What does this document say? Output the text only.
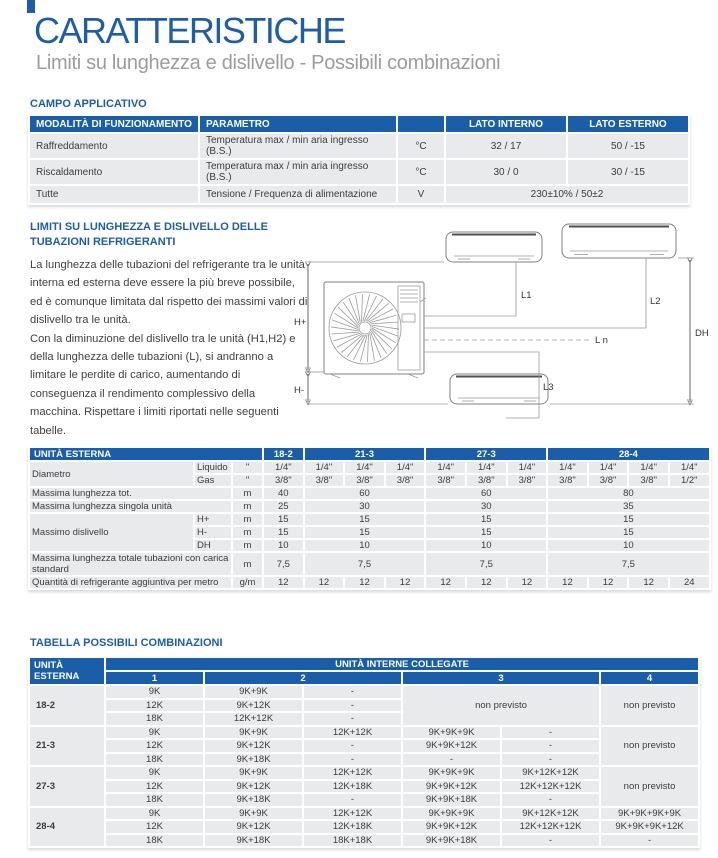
CARATTERISTICHE
Limiti su lunghezza e dislivello - Possibili combinazioni
CAMPO APPLICATIVO
MODALITÀ DI FUNZIONAMENTO	PARAMETRO		LATO INTERNO	LATO ESTERNO
Raffreddamento	Temperatura max / min aria ingresso (B.S.)	°C	32 / 17	50 / -15
Riscaldamento	Temperatura max / min aria ingresso (B.S.)	°C	30 / 0	30 / -15
Tutte	Tensione / Frequenza di alimentazione	V	230±10% / 50±2	
LIMITI SU LUNGHEZZA E DISLIVELLO DELLE
TUBAZIONI REFRIGERANTI
La lunghezza delle tubazioni del refrigerante tra le unità interna ed esterna deve essere la più breve possibile, ed è comunque limitata dal rispetto dei massimi valori di dislivello tra le unità.
Con la diminuzione del dislivello tra le unità (H1,H2) e della lunghezza delle tubazioni (L), si andranno a limitare le perdite di carico, aumentando di conseguenza il rendimento complessivo della macchina. Rispettare i limiti riportati nelle seguenti tabelle.
H+
H-
L1
L2
L3
DH
L n
UNITÀ ESTERNA			18-2	21-3			27-3			28-4			
Diametro	Liquido	"	1/4"	1/4"	1/4"	1/4"	1/4"	1/4"	1/4"	1/4"	1/4"	1/4"	1/4"
	Gas	"	3/8"	3/8"	3/8"	3/8"	3/8"	3/8"	3/8"	3/8"	3/8"	3/8"	1/2"
Massima lunghezza tot.		m	40	60			60			80			
Massima lunghezza singola unità		m	25	30			30			35			
Massimo dislivello	H+	m	15	15			15			15			
	H-	m	15	15			15			15			
	DH	m	10	10			10			10			
Massima lunghezza totale tubazioni con carica standard		m	7,5	7,5			7,5			7,5			
Quantità di refrigerante aggiuntiva per metro		g/m	12	12	12	12	12	12	12	12	12	12	24
TABELLA POSSIBILI COMBINAZIONI
UNITÀ ESTERNA	UNITÀ INTERNE COLLEGATE					
	1	2		3		4
18-2	9K	9K+9K	-	non previsto		non previsto
	12K	9K+12K	-			
	18K	12K+12K	-			
21-3	9K	9K+9K	12K+12K	9K+9K+9K	-	non previsto
	12K	9K+12K	-	9K+9K+12K	-	
	18K	9K+18K	-	-	-	
27-3	9K	9K+9K	12K+12K	9K+9K+9K	9K+12K+12K	non previsto
	12K	9K+12K	12K+18K	9K+9K+12K	12K+12K+12K	
	18K	9K+18K	-	9K+9K+18K	-	
28-4	9K	9K+9K	12K+12K	9K+9K+9K	9K+12K+12K	9K+9K+9K+9K
	12K	9K+12K	12K+18K	9K+9K+12K	12K+12K+12K	9K+9K+9K+12K
	18K	9K+18K	18K+18K	9K+9K+18K	-	-
